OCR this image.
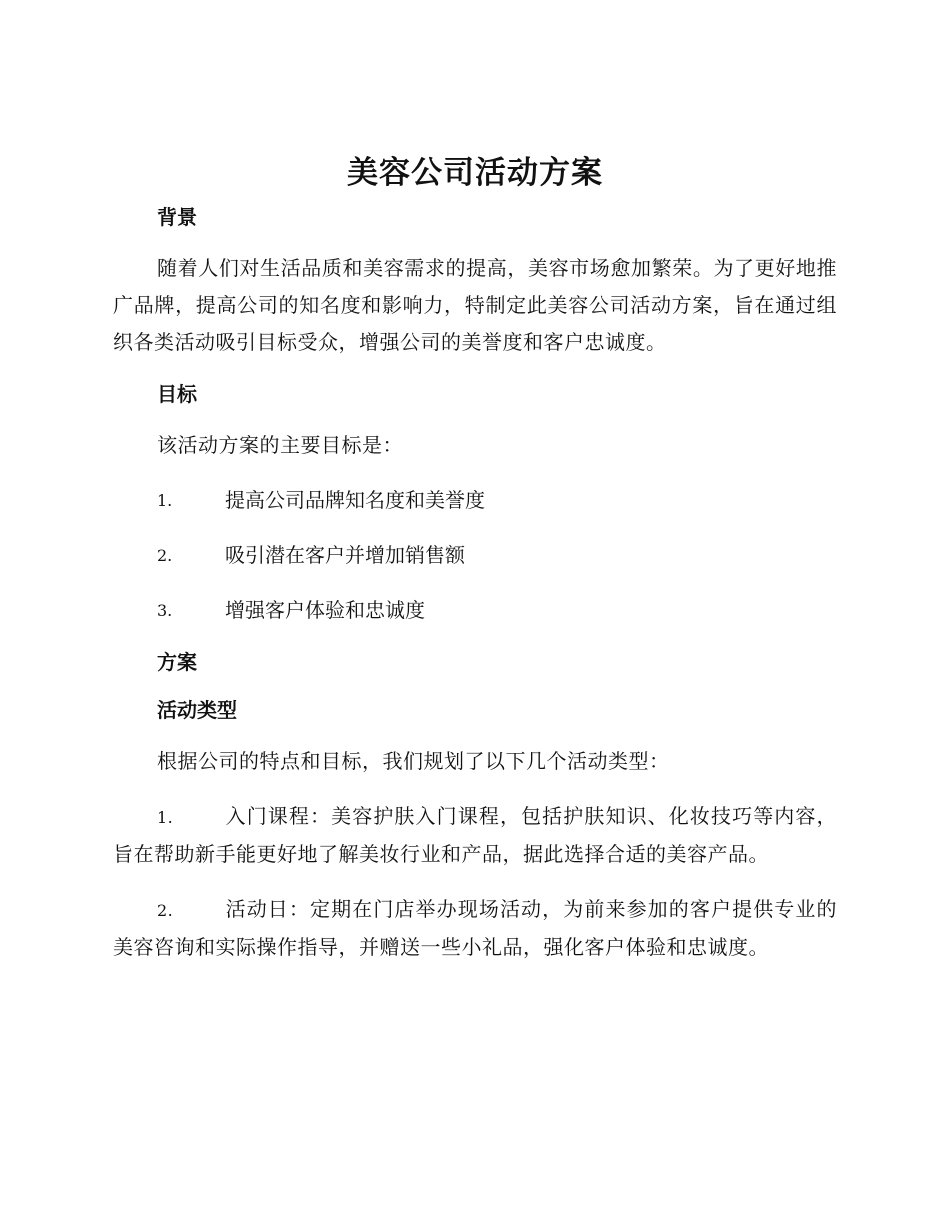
美容公司活动方案
背景

随着人们对生活品质和美容需求的提高，美容市场愈加繁荣。为了更好地推广品牌，提高公司的知名度和影响力，特制定此美容公司活动方案，旨在通过组织各类活动吸引目标受众，增强公司的美誉度和客户忠诚度。

目标

该活动方案的主要目标是：

1.	提高公司品牌知名度和美誉度

2.	吸引潜在客户并增加销售额

3.	增强客户体验和忠诚度

方案
活动类型

根据公司的特点和目标，我们规划了以下几个活动类型：

1.	入门课程：美容护肤入门课程，包括护肤知识、化妆技巧等内容，旨在帮助新手能更好地了解美妆行业和产品，据此选择合适的美容产品。

2.	活动日：定期在门店举办现场活动，为前来参加的客户提供专业的美容咨询和实际操作指导，并赠送一些小礼品，强化客户体验和忠诚度。
